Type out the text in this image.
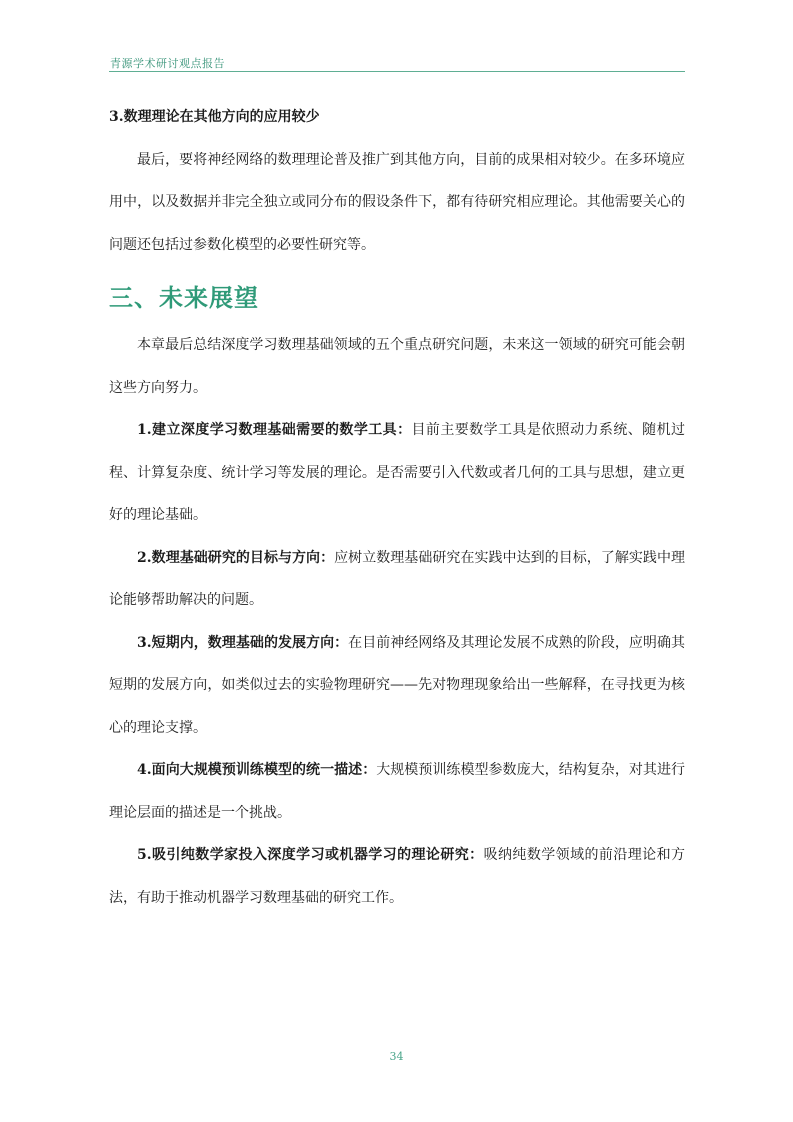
青源学术研讨观点报告

3.数理理论在其他方向的应用较少

最后，要将神经网络的数理理论普及推广到其他方向，目前的成果相对较少。在多环境应用中，以及数据并非完全独立或同分布的假设条件下，都有待研究相应理论。其他需要关心的问题还包括过参数化模型的必要性研究等。

三、未来展望

本章最后总结深度学习数理基础领域的五个重点研究问题，未来这一领域的研究可能会朝这些方向努力。

1.建立深度学习数理基础需要的数学工具：目前主要数学工具是依照动力系统、随机过程、计算复杂度、统计学习等发展的理论。是否需要引入代数或者几何的工具与思想，建立更好的理论基础。

2.数理基础研究的目标与方向：应树立数理基础研究在实践中达到的目标，了解实践中理论能够帮助解决的问题。

3.短期内，数理基础的发展方向：在目前神经网络及其理论发展不成熟的阶段，应明确其短期的发展方向，如类似过去的实验物理研究——先对物理现象给出一些解释，在寻找更为核心的理论支撑。

4.面向大规模预训练模型的统一描述：大规模预训练模型参数庞大，结构复杂，对其进行理论层面的描述是一个挑战。

5.吸引纯数学家投入深度学习或机器学习的理论研究：吸纳纯数学领域的前沿理论和方法，有助于推动机器学习数理基础的研究工作。

34
